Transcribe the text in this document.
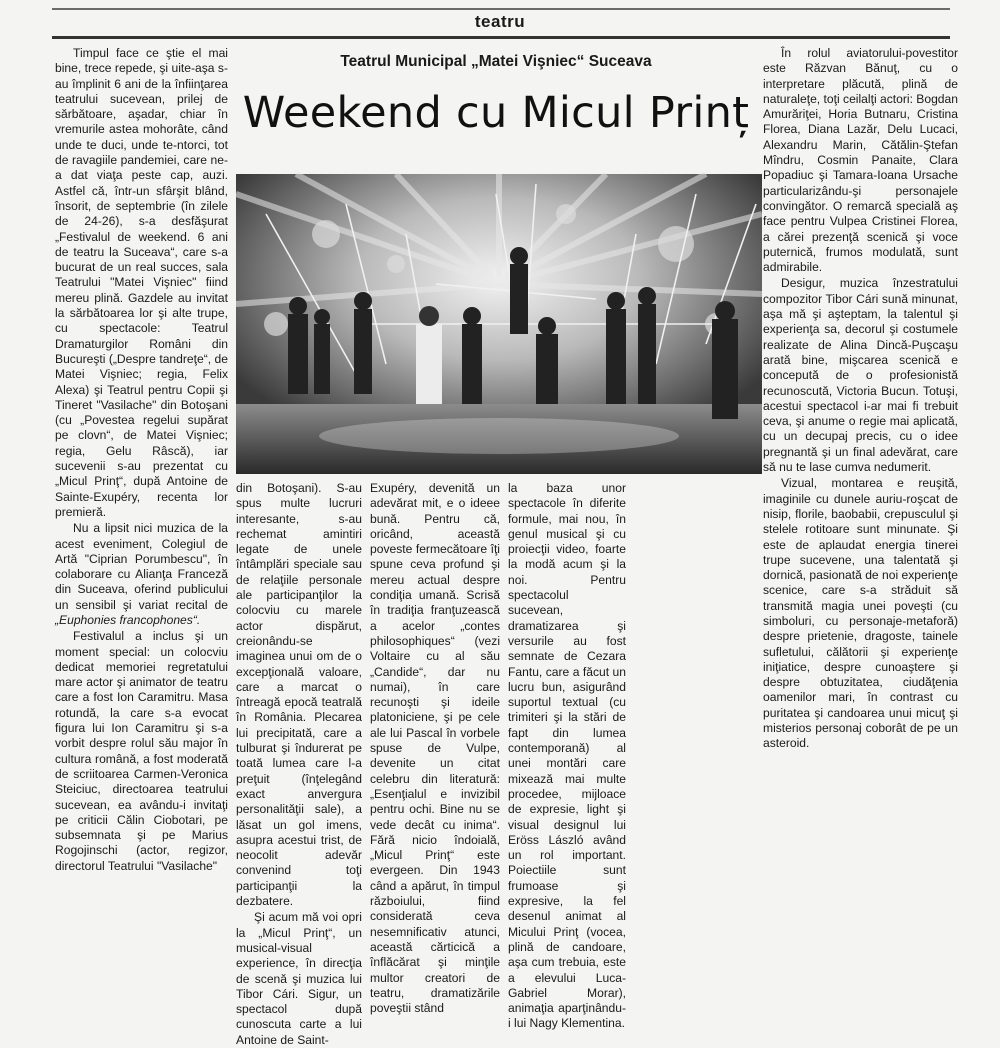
teatru

Timpul face ce ştie el mai bine, trece repede, şi uite-aşa s-au împlinit 6 ani de la înfiinţarea teatrului sucevean, prilej de sărbătoare, aşadar, chiar în vremurile astea mohorâte, când unde te duci, unde te-ntorci, tot de ravagiile pandemiei, care ne-a dat viaţa peste cap, auzi. Astfel că, într-un sfârşit blând, însorit, de septembrie (în zilele de 24-26), s-a desfăşurat „Festivalul de weekend. 6 ani de teatru la Suceava“, care s-a bucurat de un real succes, sala Teatrului "Matei Vişniec" fiind mereu plină. Gazdele au invitat la sărbătoarea lor şi alte trupe, cu spectacole: Teatrul Dramaturgilor Români din Bucureşti („Despre tandreţe“, de Matei Vişniec; regia, Felix Alexa) şi Teatrul pentru Copii şi Tineret "Vasilache" din Botoşani (cu „Povestea regelui supărat pe clovn“, de Matei Vişniec; regia, Gelu Râscă), iar sucevenii s-au prezentat cu „Micul Prinţ“, după Antoine de Sainte-Exupéry, recenta lor premieră.

Nu a lipsit nici muzica de la acest eveniment, Colegiul de Artă "Ciprian Porumbescu", în colaborare cu Alianţa Franceză din Suceava, oferind publicului un sensibil şi variat recital de „Euphonies francophones“.

Festivalul a inclus şi un moment special: un colocviu dedicat memoriei regretatului mare actor şi animator de teatru care a fost Ion Caramitru. Masa rotundă, la care s-a evocat figura lui Ion Caramitru şi s-a vorbit despre rolul său major în cultura română, a fost moderată de scriitoarea Carmen-Veronica Steiciuc, directoarea teatrului sucevean, ea avându-i invitaţi pe criticii Călin Ciobotari, pe subsemnata şi pe Marius Rogojinschi (actor, regizor, directorul Teatrului "Vasilache"

Teatrul Municipal „Matei Vişniec“ Suceava
Weekend cu Micul Prinț

din Botoşani). S-au spus multe lucruri interesante, s-au rechemat amintiri legate de unele întâmplări speciale sau de relaţiile personale ale participanţilor la colocviu cu marele actor dispărut, creionându-se imaginea unui om de o excepţională valoare, care a marcat o întreagă epocă teatrală în România. Plecarea lui precipitată, care a tulburat şi îndurerat pe toată lumea care l-a preţuit (înţelegând exact anvergura personalităţii sale), a lăsat un gol imens, asupra acestui trist, de neocolit adevăr convenind toţi participanţii la dezbatere.

Şi acum mă voi opri la „Micul Prinţ“, un musical-visual experience, în direcţia de scenă şi muzica lui Tibor Cári. Sigur, un spectacol după cunoscuta carte a lui Antoine de Saint-

Exupéry, devenită un adevărat mit, e o ideee bună. Pentru că, oricând, această poveste fermecătoare îţi spune ceva profund şi mereu actual despre condiţia umană. Scrisă în tradiţia franţuzească a acelor „contes philosophiques“ (vezi Voltaire cu al său „Candide“, dar nu numai), în care recunoşti şi ideile platoniciene, şi pe cele ale lui Pascal în vorbele spuse de Vulpe, devenite un citat celebru din literatură: „Esenţialul e invizibil pentru ochi. Bine nu se vede decât cu inima“. Fără nicio îndoială, „Micul Prinţ“ este evergeen. Din 1943 când a apărut, în timpul războiului, fiind considerată ceva nesemnificativ atunci, această cărticică a înflăcărat şi minţile multor creatori de teatru, dramatizările poveştii stând

la baza unor spectacole în diferite formule, mai nou, în genul musical şi cu proiecţii video, foarte la modă acum şi la noi. Pentru spectacolul sucevean, dramatizarea şi versurile au fost semnate de Cezara Fantu, care a făcut un lucru bun, asigurând suportul textual (cu trimiteri şi la stări de fapt din lumea contemporană) al unei montări care mixează mai multe procedee, mijloace de expresie, light şi visual designul lui Eröss László având un rol important. Poiectiile sunt frumoase şi expresive, la fel desenul animat al Micului Prinţ (vocea, plină de candoare, aşa cum trebuia, este a elevului Luca-Gabriel Morar), animaţia aparţinându-i lui Nagy Klementina.

În rolul aviatorului-povestitor este Răzvan Bănuţ, cu o interpretare plăcută, plină de naturaleţe, toţi ceilalţi actori: Bogdan Amurăriţei, Horia Butnaru, Cristina Florea, Diana Lazăr, Delu Lucaci, Alexandru Marin, Cătălin-Ştefan Mîndru, Cosmin Panaite, Clara Popadiuc şi Tamara-Ioana Ursache particularizându-şi personajele convingător. O remarcă specială aş face pentru Vulpea Cristinei Florea, a cărei prezenţă scenică şi voce puternică, frumos modulată, sunt admirabile.

Desigur, muzica înzestratului compozitor Tibor Cári sună minunat, aşa mă şi aşteptam, la talentul şi experienţa sa, decorul şi costumele realizate de Alina Dincă-Puşcaşu arată bine, mişcarea scenică e concepută de o profesionistă recunoscută, Victoria Bucun. Totuşi, acestui spectacol i-ar mai fi trebuit ceva, şi anume o regie mai aplicată, cu un decupaj precis, cu o idee pregnantă şi un final adevărat, care să nu te lase cumva nedumerit.

Vizual, montarea e reuşită, imaginile cu dunele auriu-roşcat de nisip, florile, baobabii, crepusculul şi stelele rotitoare sunt minunate. Şi este de aplaudat energia tinerei trupe sucevene, una talentată şi dornică, pasionată de noi experienţe scenice, care s-a străduit să transmită magia unei poveşti (cu simboluri, cu personaje-metaforă) despre prietenie, dragoste, tainele sufletului, călătorii şi experienţe iniţiatice, despre cunoaştere şi despre obtuzitatea, ciudăţenia oamenilor mari, în contrast cu puritatea şi candoarea unui micuţ şi misterios personaj coborât de pe un asteroid.
